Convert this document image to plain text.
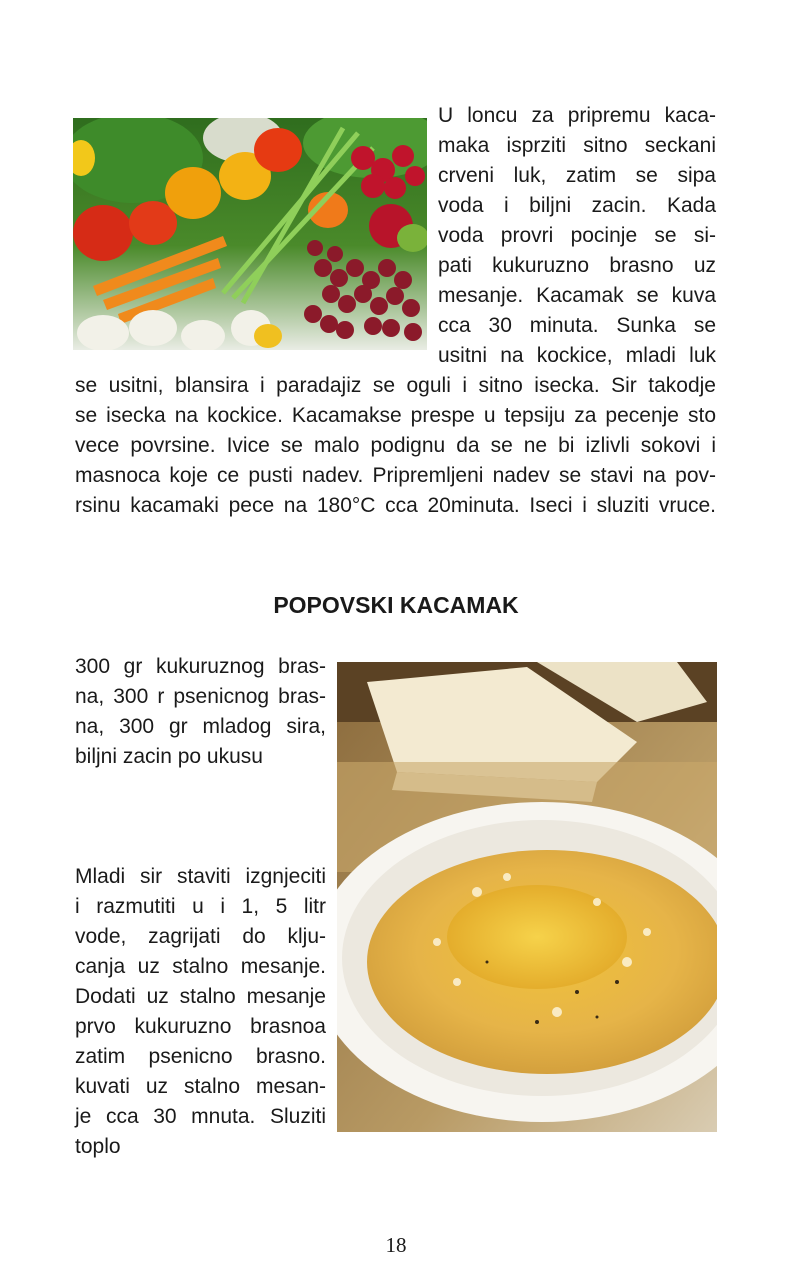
U loncu za pripremu kaca-
maka isprziti sitno seckani
crveni luk, zatim se sipa
voda i biljni zacin. Kada
voda provri pocinje se si-
pati kukuruzno brasno uz
mesanje. Kacamak se kuva
cca 30 minuta. Sunka se
usitni na kockice, mladi luk
se usitni, blansira i paradajiz se oguli i sitno isecka. Sir takodje
se isecka na kockice. Kacamakse prespe u tepsiju za pecenje sto
vece povrsine. Ivice se malo podignu da se ne bi izlivli sokovi i
masnoca koje ce pusti nadev. Pripremljeni nadev se stavi na pov-
rsinu kacamaki pece na 180°C cca 20minuta. Iseci i sluziti vruce.
POPOVSKI KACAMAK
300 gr kukuruznog bras-
na, 300 r psenicnog bras-
na, 300 gr mladog sira,
biljni zacin po ukusu
Mladi sir staviti izgnjeciti
i razmutiti u i 1, 5 litr
vode, zagrijati do klju-
canja uz stalno mesanje.
Dodati uz stalno mesanje
prvo kukuruzno brasnoa
zatim psenicno brasno.
kuvati uz stalno mesan-
je cca 30 mnuta. Sluziti
toplo
18
